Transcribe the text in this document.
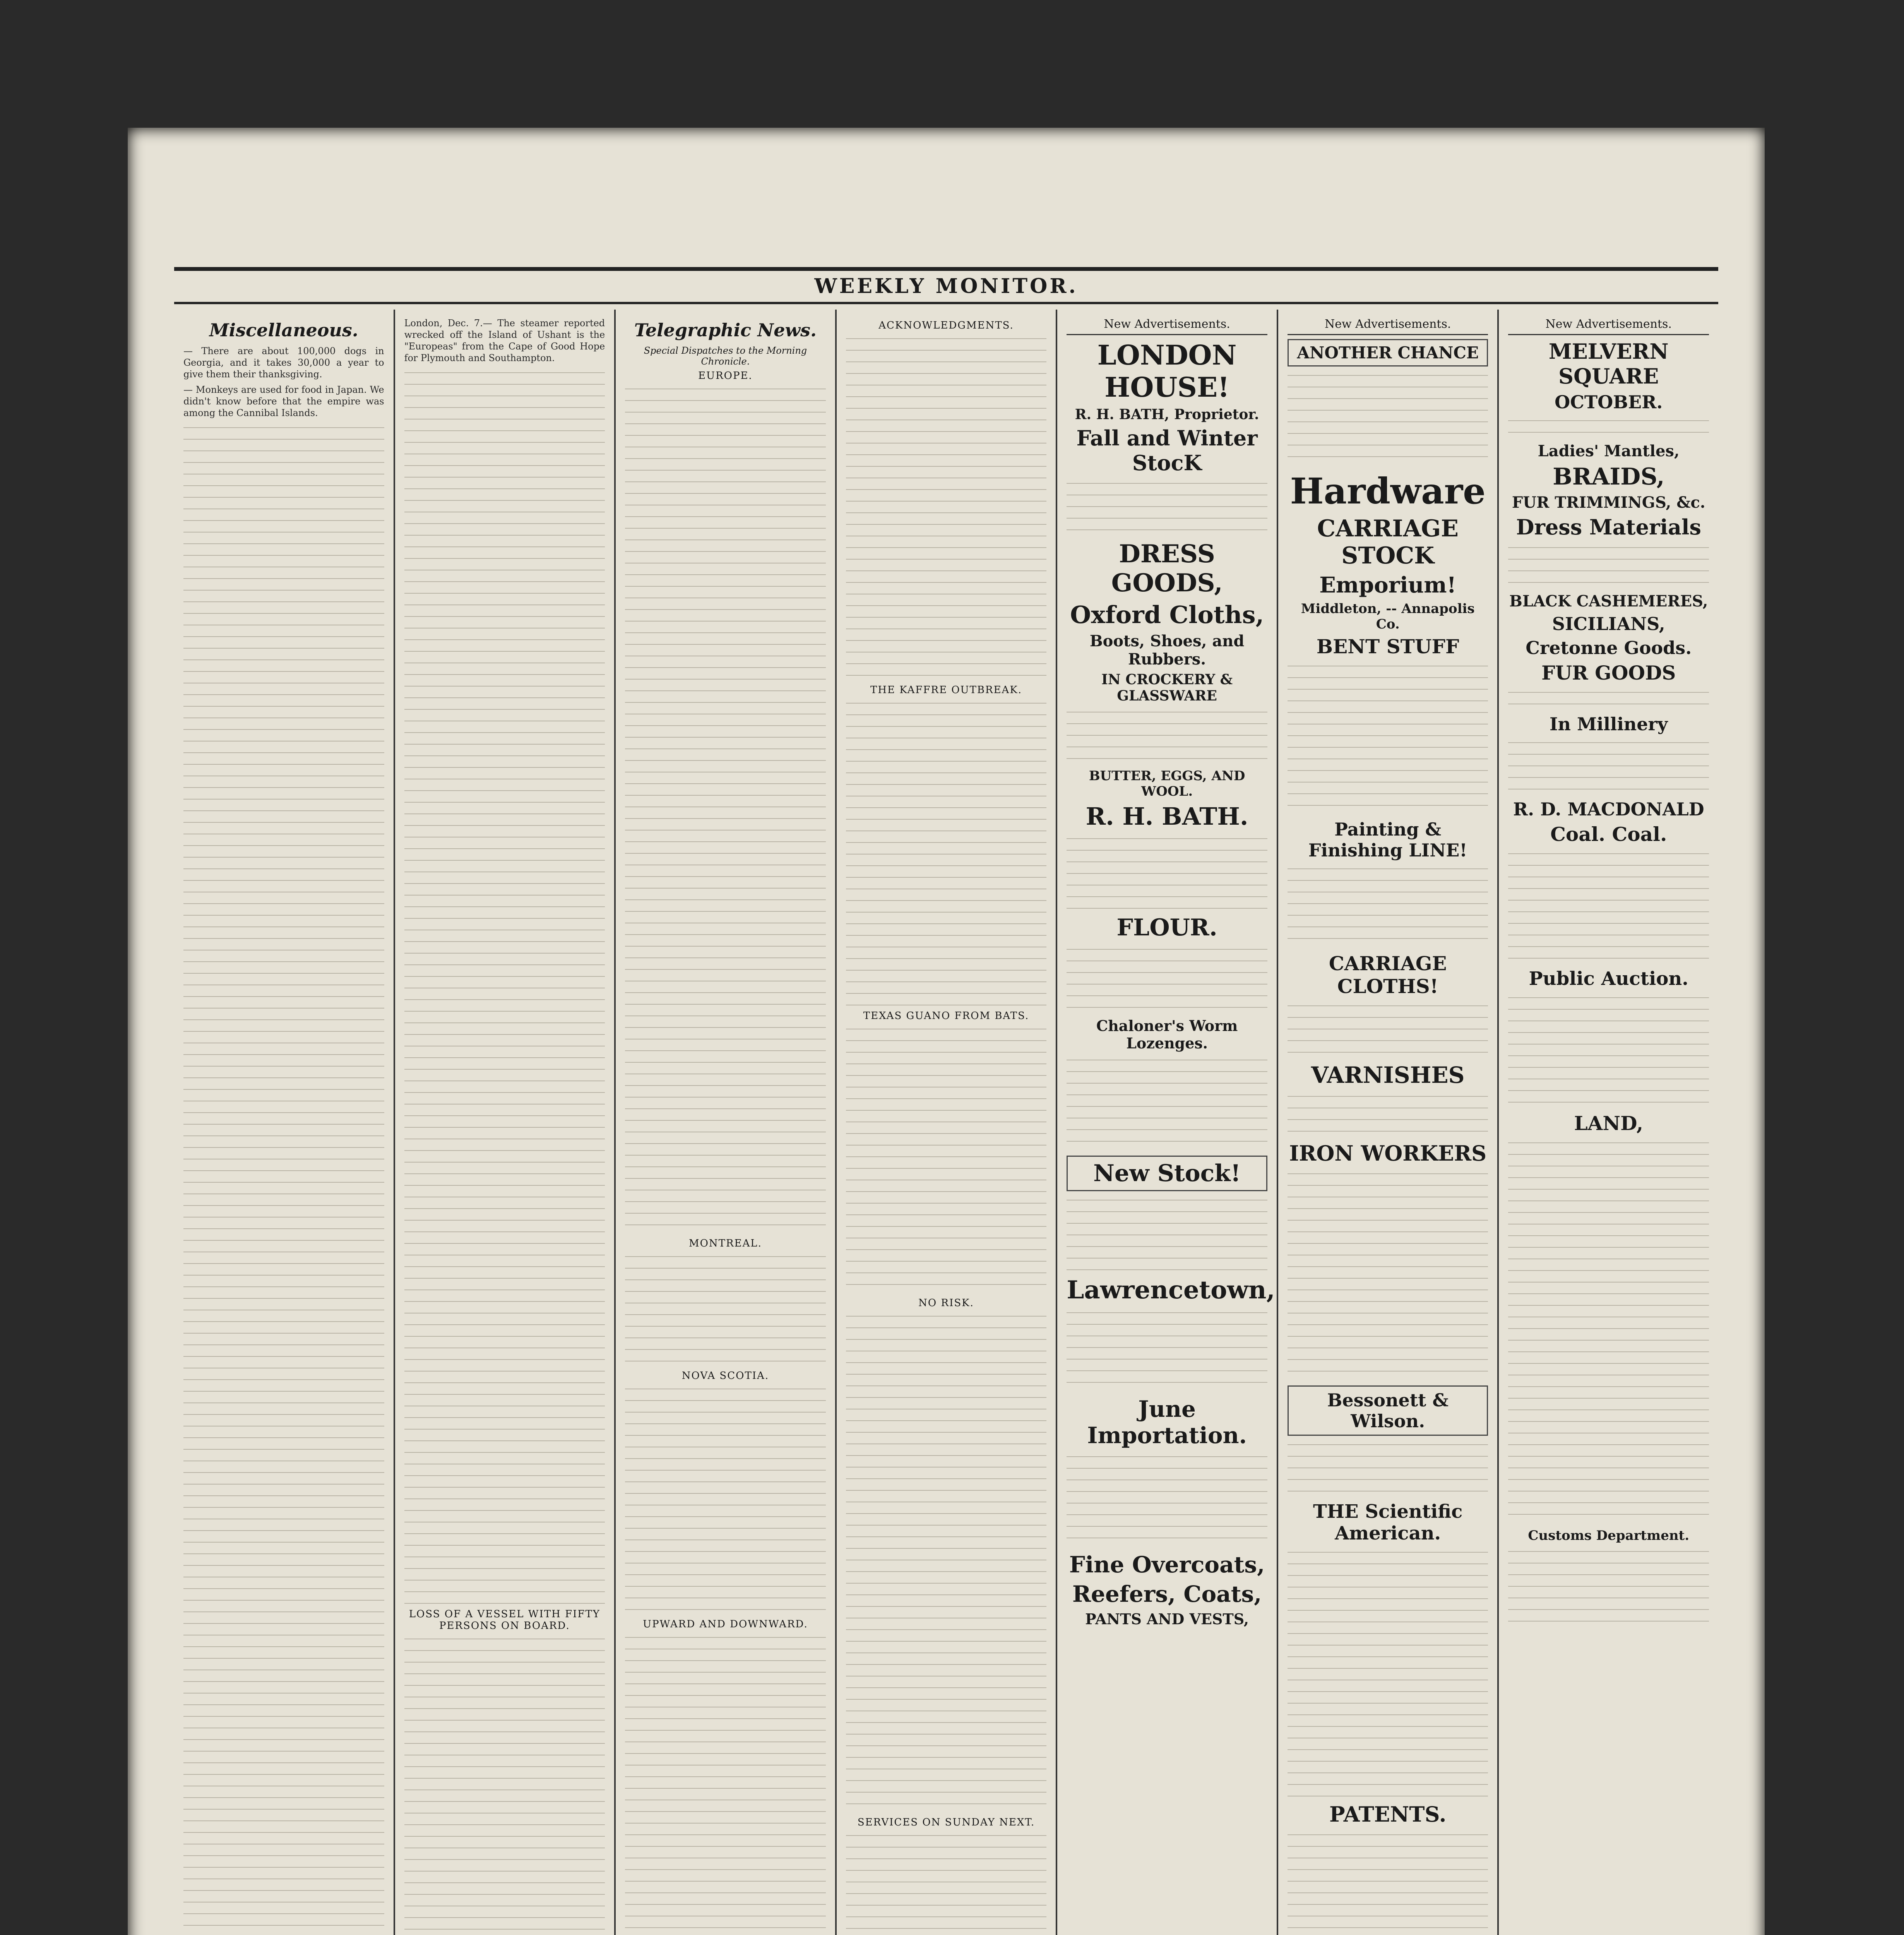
WEEKLY MONITOR.
Miscellaneous.

— There are about 100,000 dogs in Georgia, and it takes 30,000 a year to give them their thanksgiving.

— Monkeys are used for food in Japan. We didn't know before that the empire was among the Cannibal Islands.

London, Dec. 7.— The steamer reported wrecked off the Island of Ushant is the "Europeas" from the Cape of Good Hope for Plymouth and Southampton.

LOSS OF A VESSEL WITH FIFTY PERSONS ON BOARD.
Telegraphic News.
Special Dispatches to the Morning Chronicle.
EUROPE.
MONTREAL.
NOVA SCOTIA.
UPWARD AND DOWNWARD.
ACKNOWLEDGMENTS.
THE KAFFRE OUTBREAK.
TEXAS GUANO FROM BATS.
NO RISK.
SERVICES ON SUNDAY NEXT.
New Advertisements.
LONDON HOUSE!
R. H. BATH, Proprietor.
Fall and Winter StocK
DRESS GOODS,
Oxford Cloths,
Boots, Shoes, and Rubbers.
IN CROCKERY & GLASSWARE
BUTTER, EGGS, AND WOOL.
R. H. BATH.
FLOUR.
Chaloner's Worm Lozenges.
New Stock!
Lawrencetown,
June Importation.
Fine Overcoats,
Reefers, Coats,
PANTS AND VESTS,
New Advertisements.
ANOTHER CHANCE
Hardware
CARRIAGE STOCK
Emporium!
Middleton, -- Annapolis Co.
BENT STUFF
Painting & Finishing LINE!
CARRIAGE CLOTHS!
VARNISHES
IRON WORKERS
Bessonett & Wilson.
THE Scientific American.
PATENTS.
New Advertisements.
MELVERN SQUARE
OCTOBER.
Ladies' Mantles,
BRAIDS,
FUR TRIMMINGS, &c.
Dress Materials
BLACK CASHEMERES,
SICILIANS,
Cretonne Goods.
FUR GOODS
In Millinery
R. D. MACDONALD
Coal. Coal.
Public Auction.
LAND,
Customs Department.
